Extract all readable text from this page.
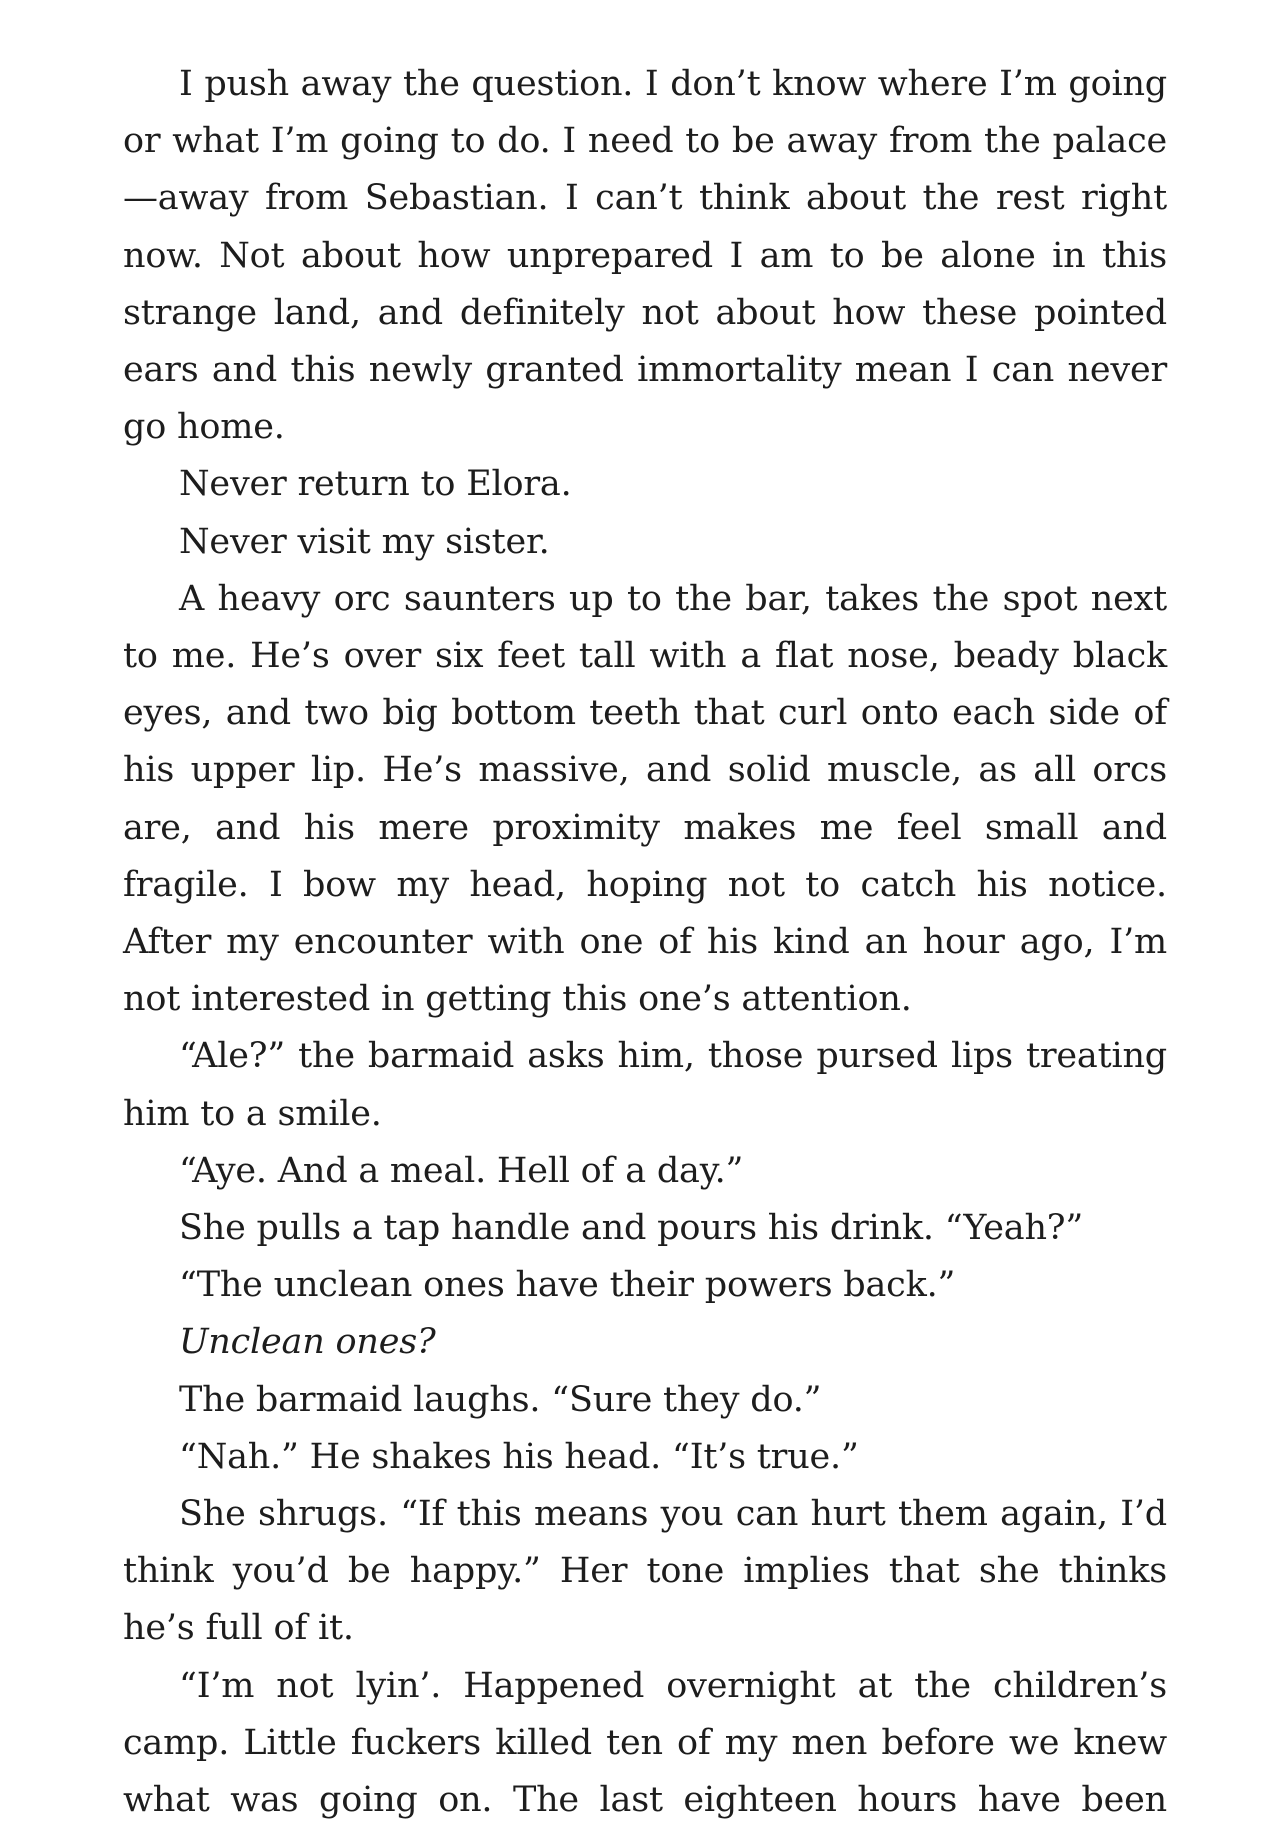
I push away the question. I don’t know where I’m going or what I’m going to do. I need to be away from the palace—away from Sebastian. I can’t think about the rest right now. Not about how unprepared I am to be alone in this strange land, and definitely not about how these pointed ears and this newly granted immortality mean I can never go home.

Never return to Elora.

Never visit my sister.

A heavy orc saunters up to the bar, takes the spot next to me. He’s over six feet tall with a flat nose, beady black eyes, and two big bottom teeth that curl onto each side of his upper lip. He’s massive, and solid muscle, as all orcs are, and his mere proximity makes me feel small and fragile. I bow my head, hoping not to catch his notice. After my encounter with one of his kind an hour ago, I’m not interested in getting this one’s attention.

“Ale?” the barmaid asks him, those pursed lips treating him to a smile.

“Aye. And a meal. Hell of a day.”

She pulls a tap handle and pours his drink. “Yeah?”

“The unclean ones have their powers back.”

Unclean ones?

The barmaid laughs. “Sure they do.”

“Nah.” He shakes his head. “It’s true.”

She shrugs. “If this means you can hurt them again, I’d think you’d be happy.” Her tone implies that she thinks he’s full of it.

“I’m not lyin’. Happened overnight at the children’s camp. Little fuckers killed ten of my men before we knew what was going on. The last eighteen hours have been
